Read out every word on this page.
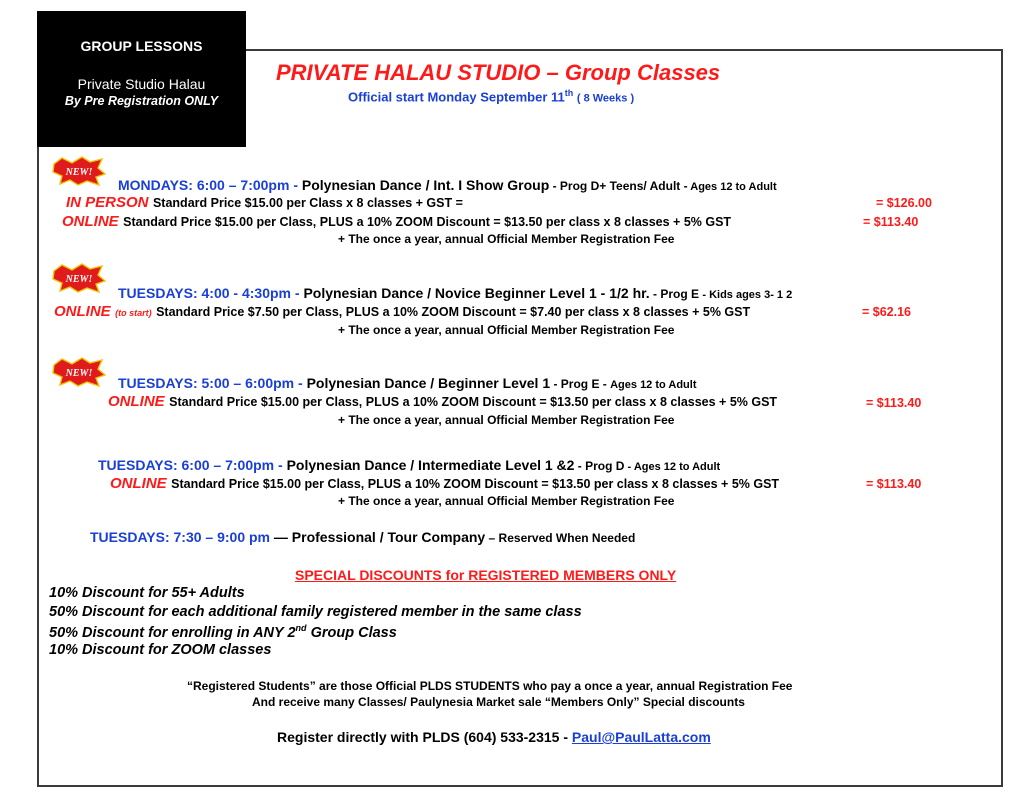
GROUP LESSONS
Private Studio Halau
By Pre Registration ONLY
PRIVATE HALAU STUDIO – Group Classes
Official start Monday September 11th ( 8 Weeks )
NEW!
NEW!
NEW!
MONDAYS: 6:00 – 7:00pm - Polynesian Dance / Int. I Show Group - Prog D+ Teens/ Adult - Ages 12 to Adult
IN PERSON Standard Price $15.00 per Class x 8 classes + GST =	= $126.00
ONLINE Standard Price $15.00 per Class, PLUS a 10% ZOOM Discount = $13.50 per class x 8 classes + 5% GST	= $113.40
+ The once a year, annual Official Member Registration Fee
TUESDAYS: 4:00 - 4:30pm - Polynesian Dance / Novice Beginner Level 1 - 1/2 hr. - Prog E - Kids ages 3- 1 2
ONLINE (to start) Standard Price $7.50 per Class, PLUS a 10% ZOOM Discount = $7.40 per class x 8 classes + 5% GST	= $62.16
+ The once a year, annual Official Member Registration Fee
TUESDAYS: 5:00 – 6:00pm - Polynesian Dance / Beginner Level 1 - Prog E - Ages 12 to Adult
ONLINE Standard Price $15.00 per Class, PLUS a 10% ZOOM Discount = $13.50 per class x 8 classes + 5% GST	= $113.40
+ The once a year, annual Official Member Registration Fee
TUESDAYS: 6:00 – 7:00pm - Polynesian Dance / Intermediate Level 1 &2 - Prog D - Ages 12 to Adult
ONLINE Standard Price $15.00 per Class, PLUS a 10% ZOOM Discount = $13.50 per class x 8 classes + 5% GST	= $113.40
+ The once a year, annual Official Member Registration Fee
TUESDAYS: 7:30 – 9:00 pm — Professional / Tour Company – Reserved When Needed
SPECIAL DISCOUNTS for REGISTERED MEMBERS ONLY
10% Discount for 55+ Adults
50% Discount for each additional family registered member in the same class
50% Discount for enrolling in ANY 2nd Group Class
10% Discount for ZOOM classes
“Registered Students” are those Official PLDS STUDENTS who pay a once a year, annual Registration Fee
And receive many Classes/ Paulynesia Market sale “Members Only” Special discounts
Register directly with PLDS (604) 533-2315 - Paul@PaulLatta.com
